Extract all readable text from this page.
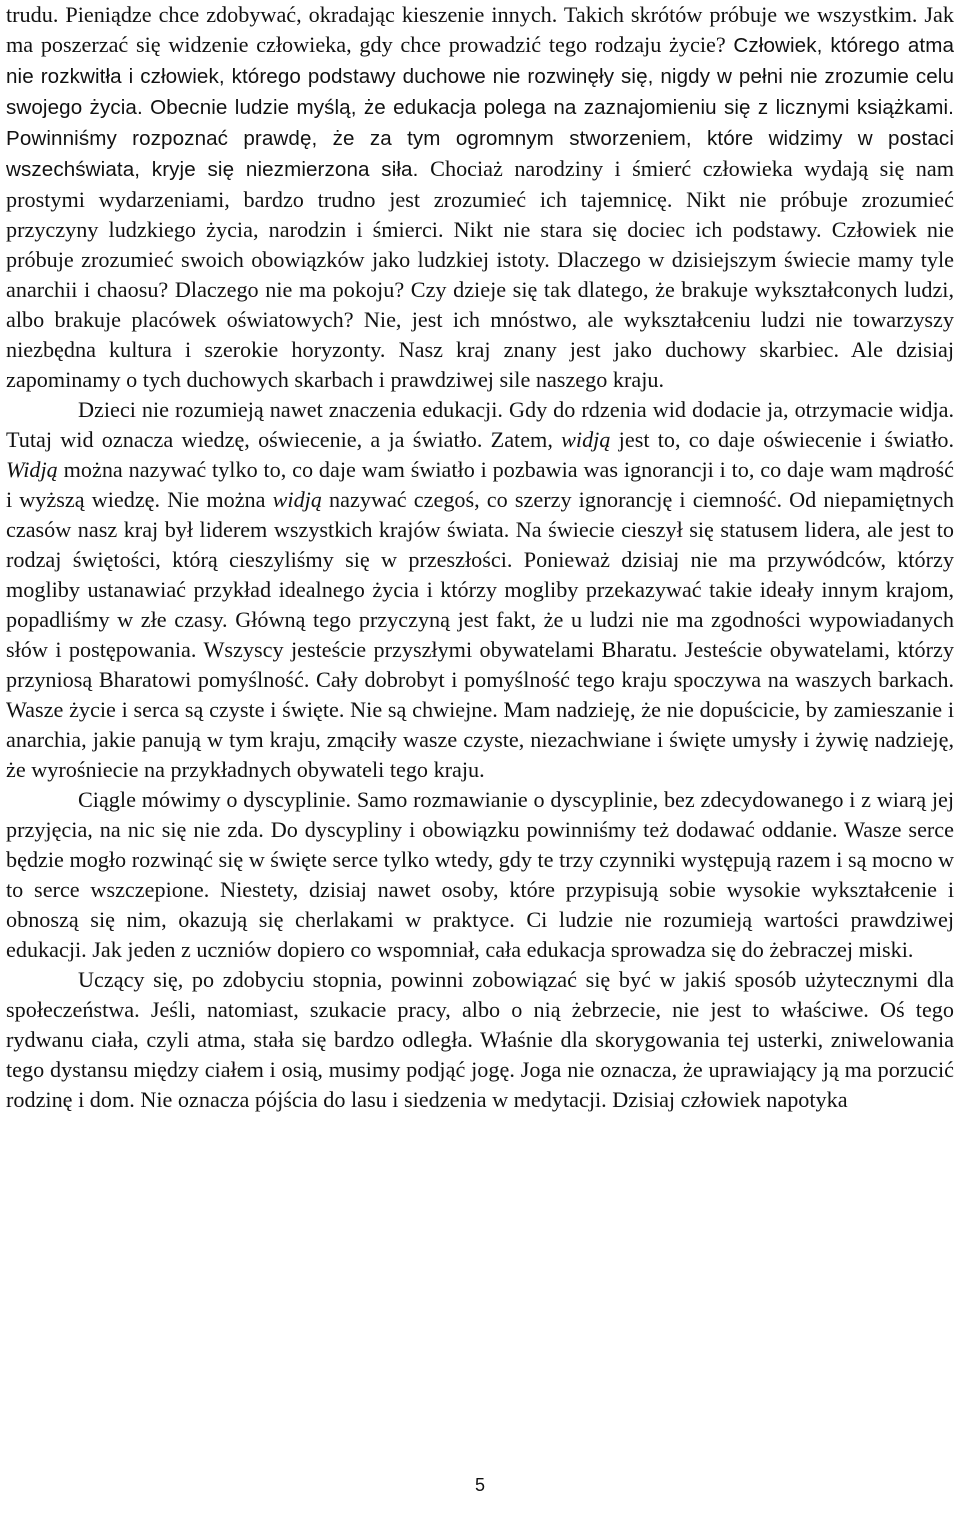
trudu. Pieniądze chce zdobywać, okradając kieszenie innych. Takich skrótów próbuje we wszystkim. Jak ma poszerzać się widzenie człowieka, gdy chce prowadzić tego rodzaju życie? Człowiek, którego atma nie rozkwitła i człowiek, którego podstawy duchowe nie rozwinęły się, nigdy w pełni nie zrozumie celu swojego życia. Obecnie ludzie myślą, że edukacja polega na zaznajomieniu się z licznymi książkami. Powinniśmy rozpoznać prawdę, że za tym ogromnym stworzeniem, które widzimy w postaci wszechświata, kryje się niezmierzona siła. Chociaż narodziny i śmierć człowieka wydają się nam prostymi wydarzeniami, bardzo trudno jest zrozumieć ich tajemnicę. Nikt nie próbuje zrozumieć przyczyny ludzkiego życia, narodzin i śmierci. Nikt nie stara się dociec ich podstawy. Człowiek nie próbuje zrozumieć swoich obowiązków jako ludzkiej istoty. Dlaczego w dzisiejszym świecie mamy tyle anarchii i chaosu? Dlaczego nie ma pokoju? Czy dzieje się tak dlatego, że brakuje wykształconych ludzi, albo brakuje placówek oświatowych? Nie, jest ich mnóstwo, ale wykształceniu ludzi nie towarzyszy niezbędna kultura i szerokie horyzonty. Nasz kraj znany jest jako duchowy skarbiec. Ale dzisiaj zapominamy o tych duchowych skarbach i prawdziwej sile naszego kraju.

Dzieci nie rozumieją nawet znaczenia edukacji. Gdy do rdzenia wid dodacie ja, otrzymacie widja. Tutaj wid oznacza wiedzę, oświecenie, a ja światło. Zatem, widją jest to, co daje oświecenie i światło. Widją można nazywać tylko to, co daje wam światło i pozbawia was ignorancji i to, co daje wam mądrość i wyższą wiedzę. Nie można widją nazywać czegoś, co szerzy ignorancję i ciemność. Od niepamiętnych czasów nasz kraj był liderem wszystkich krajów świata. Na świecie cieszył się statusem lidera, ale jest to rodzaj świętości, którą cieszyliśmy się w przeszłości. Ponieważ dzisiaj nie ma przywódców, którzy mogliby ustanawiać przykład idealnego życia i którzy mogliby przekazywać takie ideały innym krajom, popadliśmy w złe czasy. Główną tego przyczyną jest fakt, że u ludzi nie ma zgodności wypowiadanych słów i postępowania. Wszyscy jesteście przyszłymi obywatelami Bharatu. Jesteście obywatelami, którzy przyniosą Bharatowi pomyślność. Cały dobrobyt i pomyślność tego kraju spoczywa na waszych barkach. Wasze życie i serca są czyste i święte. Nie są chwiejne. Mam nadzieję, że nie dopuścicie, by zamieszanie i anarchia, jakie panują w tym kraju, zmąciły wasze czyste, niezachwiane i święte umysły i żywię nadzieję, że wyrośniecie na przykładnych obywateli tego kraju.

Ciągle mówimy o dyscyplinie. Samo rozmawianie o dyscyplinie, bez zdecydowanego i z wiarą jej przyjęcia, na nic się nie zda. Do dyscypliny i obowiązku powinniśmy też dodawać oddanie. Wasze serce będzie mogło rozwinąć się w święte serce tylko wtedy, gdy te trzy czynniki występują razem i są mocno w to serce wszczepione. Niestety, dzisiaj nawet osoby, które przypisują sobie wysokie wykształcenie i obnoszą się nim, okazują się cherlakami w praktyce. Ci ludzie nie rozumieją wartości prawdziwej edukacji. Jak jeden z uczniów dopiero co wspomniał, cała edukacja sprowadza się do żebraczej miski.

Uczący się, po zdobyciu stopnia, powinni zobowiązać się być w jakiś sposób użytecznymi dla społeczeństwa. Jeśli, natomiast, szukacie pracy, albo o nią żebrzecie, nie jest to właściwe. Oś tego rydwanu ciała, czyli atma, stała się bardzo odległa. Właśnie dla skorygowania tej usterki, zniwelowania tego dystansu między ciałem i osią, musimy podjąć jogę. Joga nie oznacza, że uprawiający ją ma porzucić rodzinę i dom. Nie oznacza pójścia do lasu i siedzenia w medytacji. Dzisiaj człowiek napotyka

5
